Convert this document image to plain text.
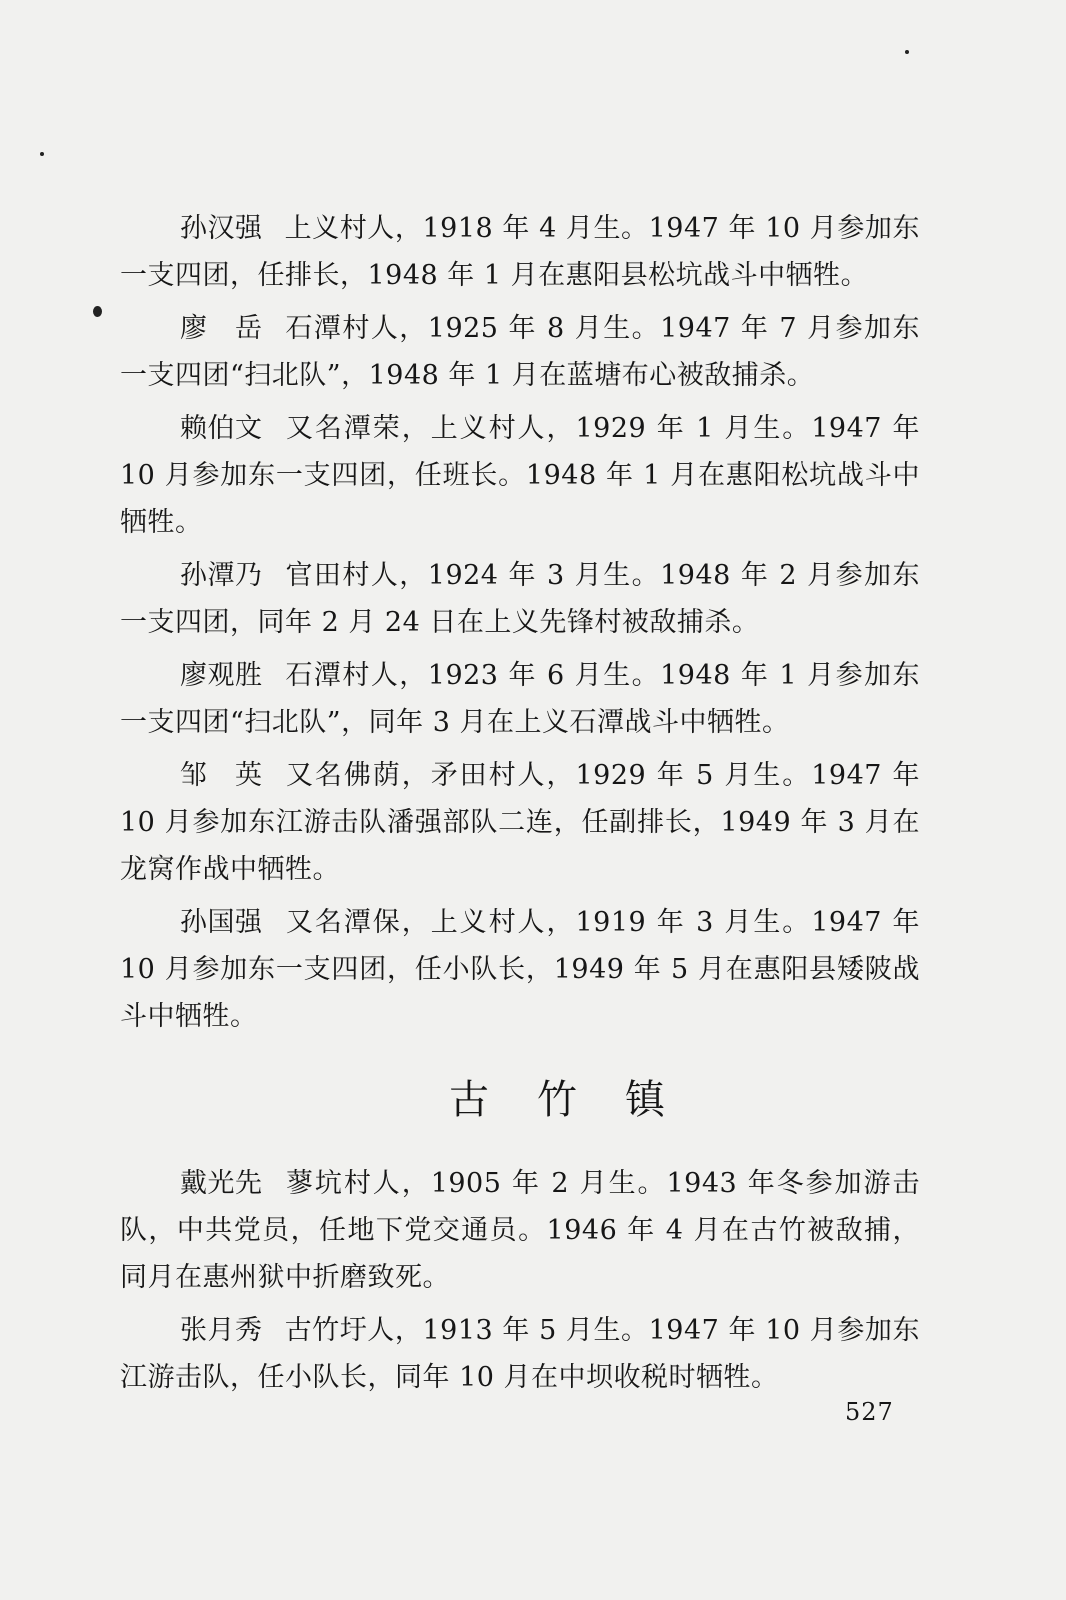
孙汉强 上义村人，1918 年 4 月生。1947 年 10 月参加东一支四团，任排长，1948 年 1 月在惠阳县松坑战斗中牺牲。

廖　岳 石潭村人，1925 年 8 月生。1947 年 7 月参加东一支四团“扫北队”，1948 年 1 月在蓝塘布心被敌捕杀。

赖伯文 又名潭荣，上义村人，1929 年 1 月生。1947 年 10 月参加东一支四团，任班长。1948 年 1 月在惠阳松坑战斗中牺牲。

孙潭乃 官田村人，1924 年 3 月生。1948 年 2 月参加东一支四团，同年 2 月 24 日在上义先锋村被敌捕杀。

廖观胜 石潭村人，1923 年 6 月生。1948 年 1 月参加东一支四团“扫北队”，同年 3 月在上义石潭战斗中牺牲。

邹　英 又名佛荫，矛田村人，1929 年 5 月生。1947 年 10 月参加东江游击队潘强部队二连，任副排长，1949 年 3 月在龙窝作战中牺牲。

孙国强 又名潭保，上义村人，1919 年 3 月生。1947 年 10 月参加东一支四团，任小队长，1949 年 5 月在惠阳县矮陂战斗中牺牲。

古竹镇

戴光先 蓼坑村人，1905 年 2 月生。1943 年冬参加游击队，中共党员，任地下党交通员。1946 年 4 月在古竹被敌捕，同月在惠州狱中折磨致死。

张月秀 古竹圩人，1913 年 5 月生。1947 年 10 月参加东江游击队，任小队长，同年 10 月在中坝收税时牺牲。

527
